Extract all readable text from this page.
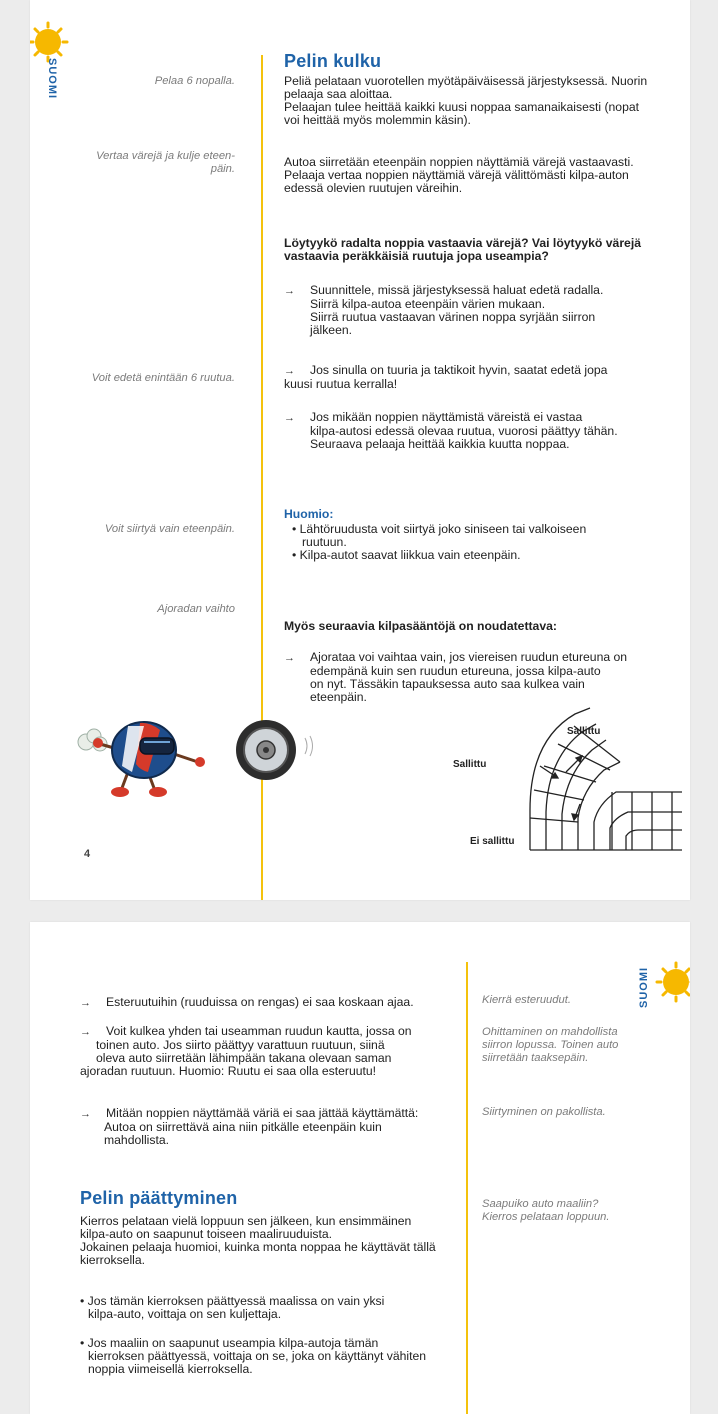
SUOMI	Pelin kulku
Pelaa 6 nopalla.
Vertaa värejä ja kulje eteen-
päin.
Voit edetä enintään 6 ruutua.
Voit siirtyä vain eteenpäin.
Ajoradan vaihto

Peliä pelataan vuorotellen myötäpäiväisessä järjestyksessä. Nuorin

pelaaja saa aloittaa.

Pelaajan tulee heittää kaikki kuusi noppaa samanaikaisesti (nopat

voi heittää myös molemmin käsin).

Autoa siirretään eteenpäin noppien näyttämiä värejä vastaavasti.

Pelaaja vertaa noppien näyttämiä värejä välittömästi kilpa-auton

edessä olevien ruutujen väreihin.

Löytyykö radalta noppia vastaavia värejä? Vai löytyykö värejä
vastaavia peräkkäisiä ruutuja jopa useampia?
→ Suunnittele, missä järjestyksessä haluat edetä radalla.
Siirrä kilpa-autoa eteenpäin värien mukaan.
Siirrä ruutua vastaavan värinen noppa syrjään siirron
jälkeen.
→ Jos sinulla on tuuria ja taktikoit hyvin, saatat edetä jopa
kuusi ruutua kerralla!
→ Jos mikään noppien näyttämistä väreistä ei vastaa
kilpa-autosi edessä olevaa ruutua, vuorosi päättyy tähän.
Seuraava pelaaja heittää kaikkia kuutta noppaa.
Huomio:
• Lähtöruudusta voit siirtyä joko siniseen tai valkoiseen
ruutuun.
• Kilpa-autot saavat liikkua vain eteenpäin.
Myös seuraavia kilpasääntöjä on noudatettava:
→ Ajorataa voi vaihtaa vain, jos viereisen ruudun etureuna on
edempänä kuin sen ruudun etureuna, jossa kilpa-auto
on nyt. Tässäkin tapauksessa auto saa kulkea vain
eteenpäin.
4
Sallittu
Sallittu
Ei sallittu
SUOMI
Kierrä esteruudut.
Ohittaminen on mahdollista
siirron lopussa. Toinen auto
siirretään taaksepäin.
Siirtyminen on pakollista.
Saapuiko auto maaliin?
Kierros pelataan loppuun.
→ Esteruutuihin (ruuduissa on rengas) ei saa koskaan ajaa.
→ Voit kulkea yhden tai useamman ruudun kautta, jossa on
toinen auto. Jos siirto päättyy varattuun ruutuun, siinä
oleva auto siirretään lähimpään takana olevaan saman
ajoradan ruutuun. Huomio: Ruutu ei saa olla esteruutu!
→ Mitään noppien näyttämää väriä ei saa jättää käyttämättä:
Autoa on siirrettävä aina niin pitkälle eteenpäin kuin
mahdollista.
Pelin päättyminen

Kierros pelataan vielä loppuun sen jälkeen, kun ensimmäinen

kilpa-auto on saapunut toiseen maaliruuduista.

Jokainen pelaaja huomioi, kuinka monta noppaa he käyttävät tällä

kierroksella.

• Jos tämän kierroksen päättyessä maalissa on vain yksi
kilpa-auto, voittaja on sen kuljettaja.
• Jos maaliin on saapunut useampia kilpa-autoja tämän
kierroksen päättyessä, voittaja on se, joka on käyttänyt vähiten
noppia viimeisellä kierroksella.
